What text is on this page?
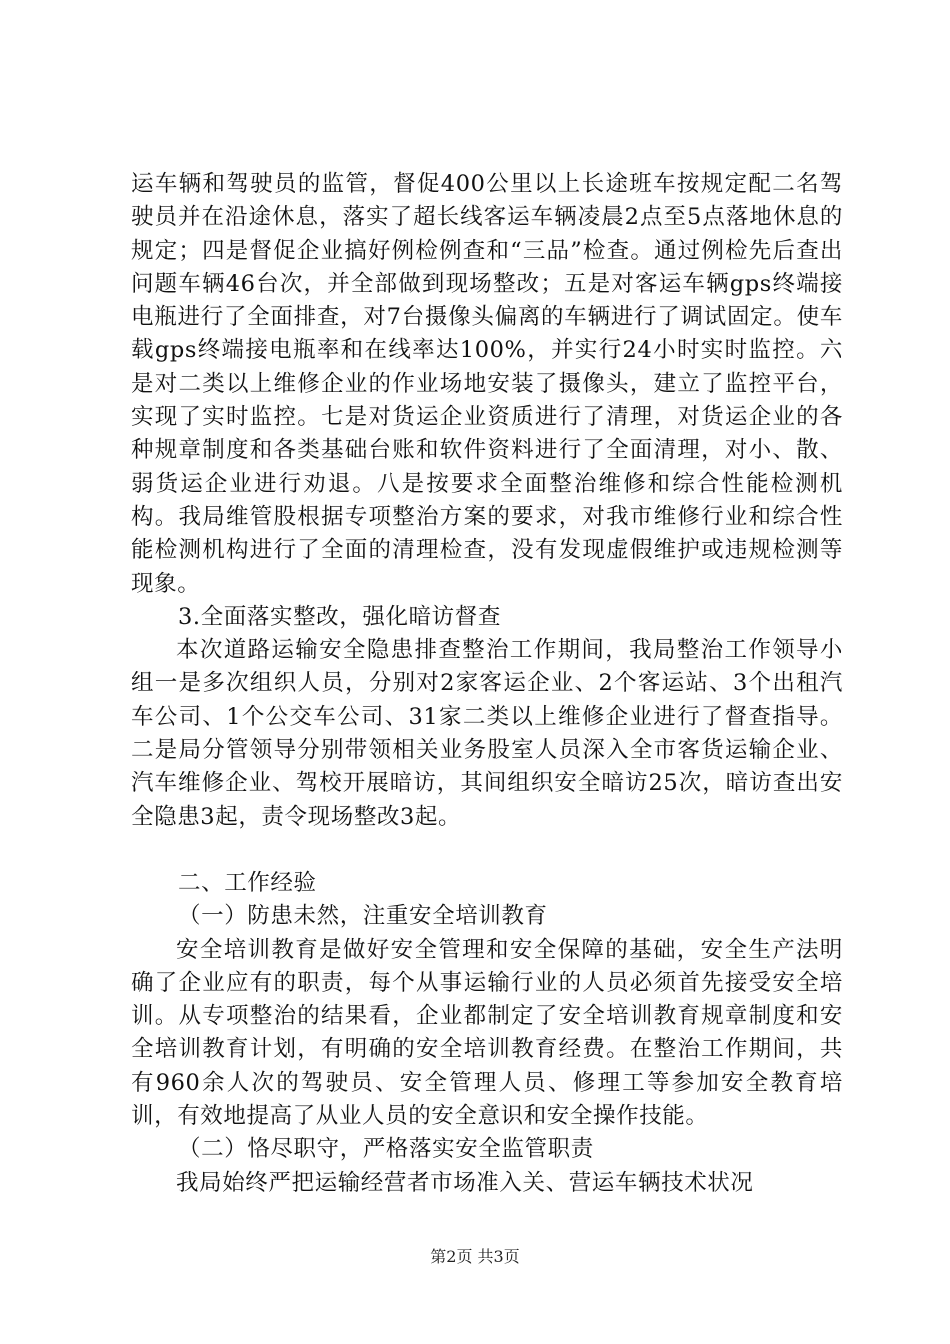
运车辆和驾驶员的监管，督促400公里以上长途班车按规定配二名驾驶员并在沿途休息，落实了超长线客运车辆凌晨2点至5点落地休息的规定；四是督促企业搞好例检例查和“三品”检查。通过例检先后查出问题车辆46台次，并全部做到现场整改；五是对客运车辆gps终端接电瓶进行了全面排查，对7台摄像头偏离的车辆进行了调试固定。使车载gps终端接电瓶率和在线率达100%，并实行24小时实时监控。六是对二类以上维修企业的作业场地安装了摄像头，建立了监控平台，实现了实时监控。七是对货运企业资质进行了清理，对货运企业的各种规章制度和各类基础台账和软件资料进行了全面清理，对小、散、弱货运企业进行劝退。八是按要求全面整治维修和综合性能检测机构。我局维管股根据专项整治方案的要求，对我市维修行业和综合性能检测机构进行了全面的清理检查，没有发现虚假维护或违规检测等现象。

3.全面落实整改，强化暗访督查

本次道路运输安全隐患排查整治工作期间，我局整治工作领导小组一是多次组织人员，分别对2家客运企业、2个客运站、3个出租汽车公司、1个公交车公司、31家二类以上维修企业进行了督查指导。二是局分管领导分别带领相关业务股室人员深入全市客货运输企业、汽车维修企业、驾校开展暗访，其间组织安全暗访25次，暗访查出安全隐患3起，责令现场整改3起。

二、工作经验

（一）防患未然，注重安全培训教育

安全培训教育是做好安全管理和安全保障的基础，安全生产法明确了企业应有的职责，每个从事运输行业的人员必须首先接受安全培训。从专项整治的结果看，企业都制定了安全培训教育规章制度和安全培训教育计划，有明确的安全培训教育经费。在整治工作期间，共有960余人次的驾驶员、安全管理人员、修理工等参加安全教育培训，有效地提高了从业人员的安全意识和安全操作技能。

（二）恪尽职守，严格落实安全监管职责

我局始终严把运输经营者市场准入关、营运车辆技术状况

第2页 共3页
